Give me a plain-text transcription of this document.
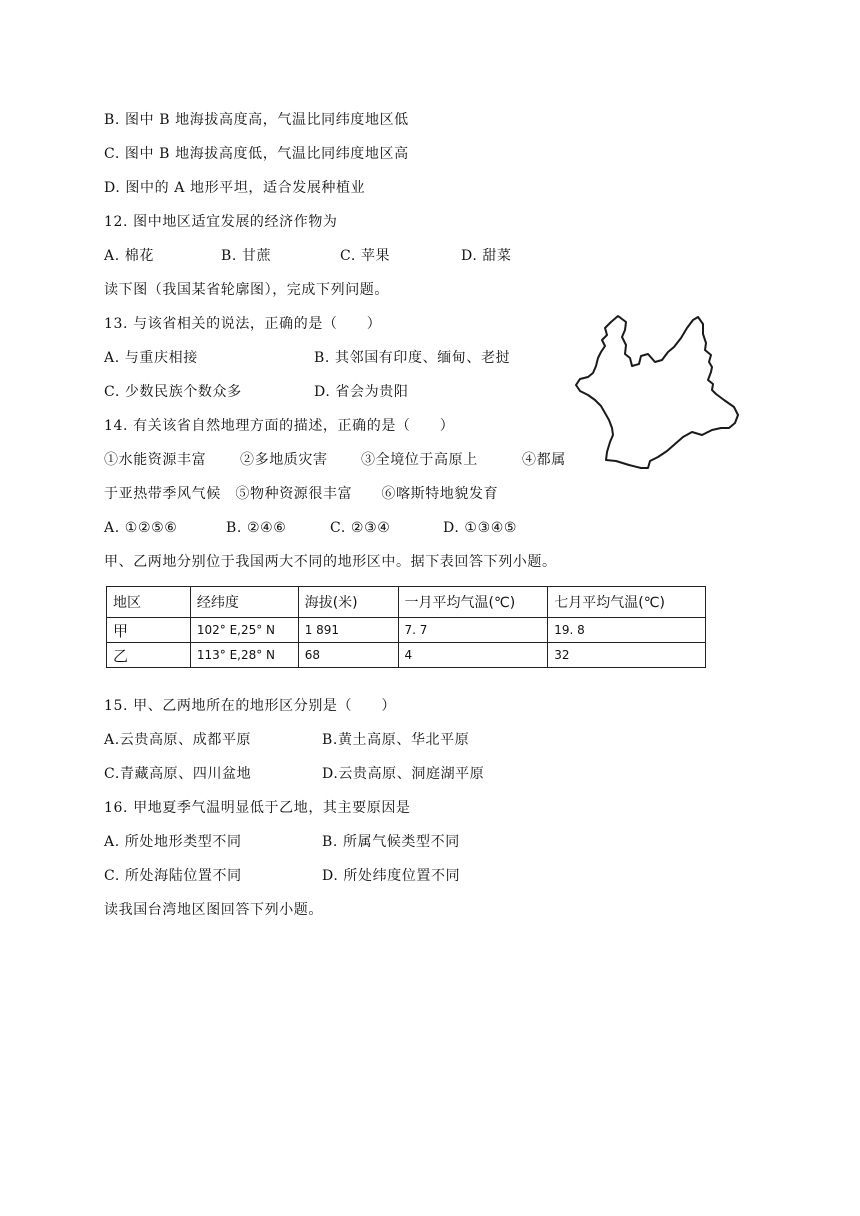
B. 图中 B 地海拔高度高，气温比同纬度地区低
C. 图中 B 地海拔高度低，气温比同纬度地区高
D. 图中的 A 地形平坦，适合发展种植业
12. 图中地区适宜发展的经济作物为
A. 棉花	B. 甘蔗	C. 苹果	D. 甜菜
读下图（我国某省轮廓图），完成下列问题。
13. 与该省相关的说法，正确的是（　　）
A. 与重庆相接	B. 其邻国有印度、缅甸、老挝
C. 少数民族个数众多	D. 省会为贵阳
14. 有关该省自然地理方面的描述，正确的是（　　）
①水能资源丰富 ②多地质灾害 ③全境位于高原上	④都属
于亚热带季风气候　⑤物种资源很丰富　　⑥喀斯特地貌发育
A. ①②⑤⑥	B. ②④⑥	C. ②③④	D. ①③④⑤
甲、乙两地分别位于我国两大不同的地形区中。据下表回答下列小题。
地区	经纬度	海拔(米)	一月平均气温(℃)	七月平均气温(℃)
甲	102° E,25° N	1 891	7. 7	19. 8
乙	113° E,28° N	68	4	32
15. 甲、乙两地所在的地形区分别是（　　）
A.云贵高原、成都平原	B.黄土高原、华北平原
C.青藏高原、四川盆地	D.云贵高原、洞庭湖平原
16. 甲地夏季气温明显低于乙地，其主要原因是
A. 所处地形类型不同	B. 所属气候类型不同
C. 所处海陆位置不同	D. 所处纬度位置不同
读我国台湾地区图回答下列小题。
